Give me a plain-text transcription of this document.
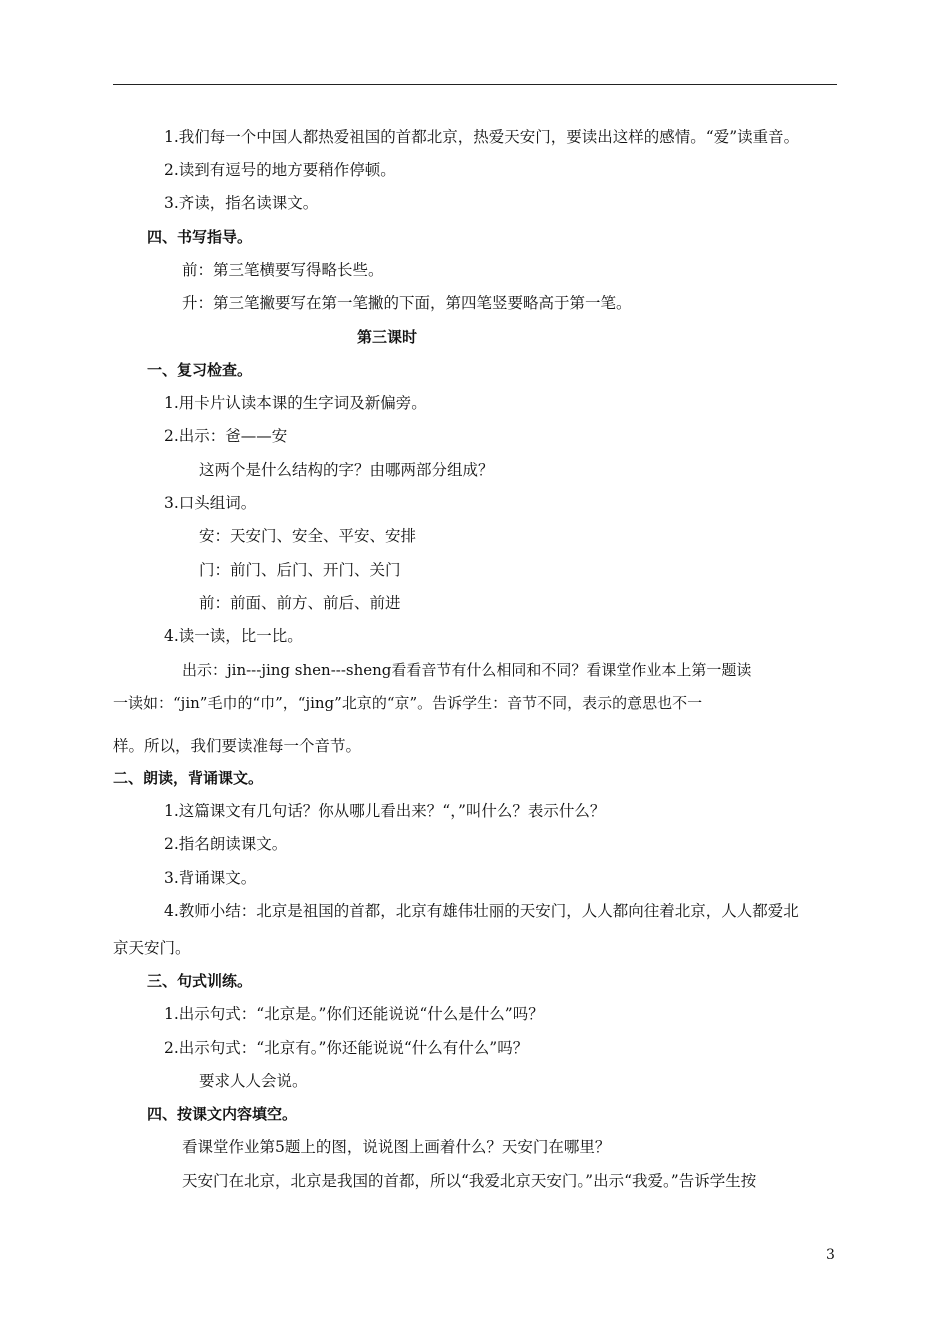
1.我们每一个中国人都热爱祖国的首都北京，热爱天安门，要读出这样的感情。“爱”读重音。
2.读到有逗号的地方要稍作停顿。
3.齐读，指名读课文。
四、书写指导。
前：第三笔横要写得略长些。
升：第三笔撇要写在第一笔撇的下面，第四笔竖要略高于第一笔。
第三课时
一、复习检查。
1.用卡片认读本课的生字词及新偏旁。
2.出示：爸——安
这两个是什么结构的字？由哪两部分组成？
3.口头组词。
安：天安门、安全、平安、安排
门：前门、后门、开门、关门
前：前面、前方、前后、前进
4.读一读，比一比。
出示：jin---jing shen---sheng看看音节有什么相同和不同？看课堂作业本上第一题读
一读如：“jin”毛巾的“巾”，“jing”北京的“京”。告诉学生：音节不同，表示的意思也不一
样。所以，我们要读准每一个音节。
二、朗读，背诵课文。
1.这篇课文有几句话？你从哪儿看出来？“，”叫什么？表示什么？
2.指名朗读课文。
3.背诵课文。
4.教师小结：北京是祖国的首都，北京有雄伟壮丽的天安门，人人都向往着北京，人人都爱北
京天安门。
三、句式训练。
1.出示句式：“北京是。”你们还能说说“什么是什么”吗？
2.出示句式：“北京有。”你还能说说“什么有什么”吗？
要求人人会说。
四、按课文内容填空。
看课堂作业第5题上的图，说说图上画着什么？天安门在哪里？
天安门在北京，北京是我国的首都，所以“我爱北京天安门。”出示“我爱。”告诉学生按
3
